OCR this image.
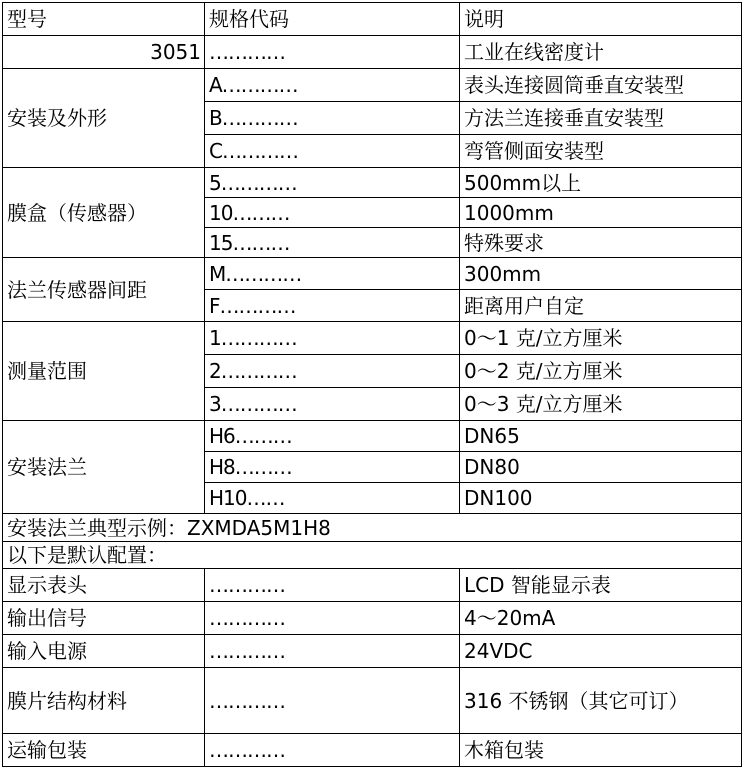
型号	规格代码	说明
3051	…………	工业在线密度计
安装及外形	A…………	表头连接圆筒垂直安装型
	B…………	方法兰连接垂直安装型
	C…………	弯管侧面安装型
膜盒（传感器）	5…………	500mm以上
	10………	1000mm
	15………	特殊要求
法兰传感器间距	M…………	300mm
	F…………	距离用户自定
测量范围	1…………	0～1 克/立方厘米
	2…………	0～2 克/立方厘米
	3…………	0～3 克/立方厘米
安装法兰	H6………	DN65
	H8………	DN80
	H10……	DN100
安装法兰典型示例：ZXMDA5M1H8		
以下是默认配置：		
显示表头	…………	LCD 智能显示表
输出信号	…………	4～20mA
输入电源	…………	24VDC
膜片结构材料	…………	316 不锈钢（其它可订）
运输包装	…………	木箱包装
